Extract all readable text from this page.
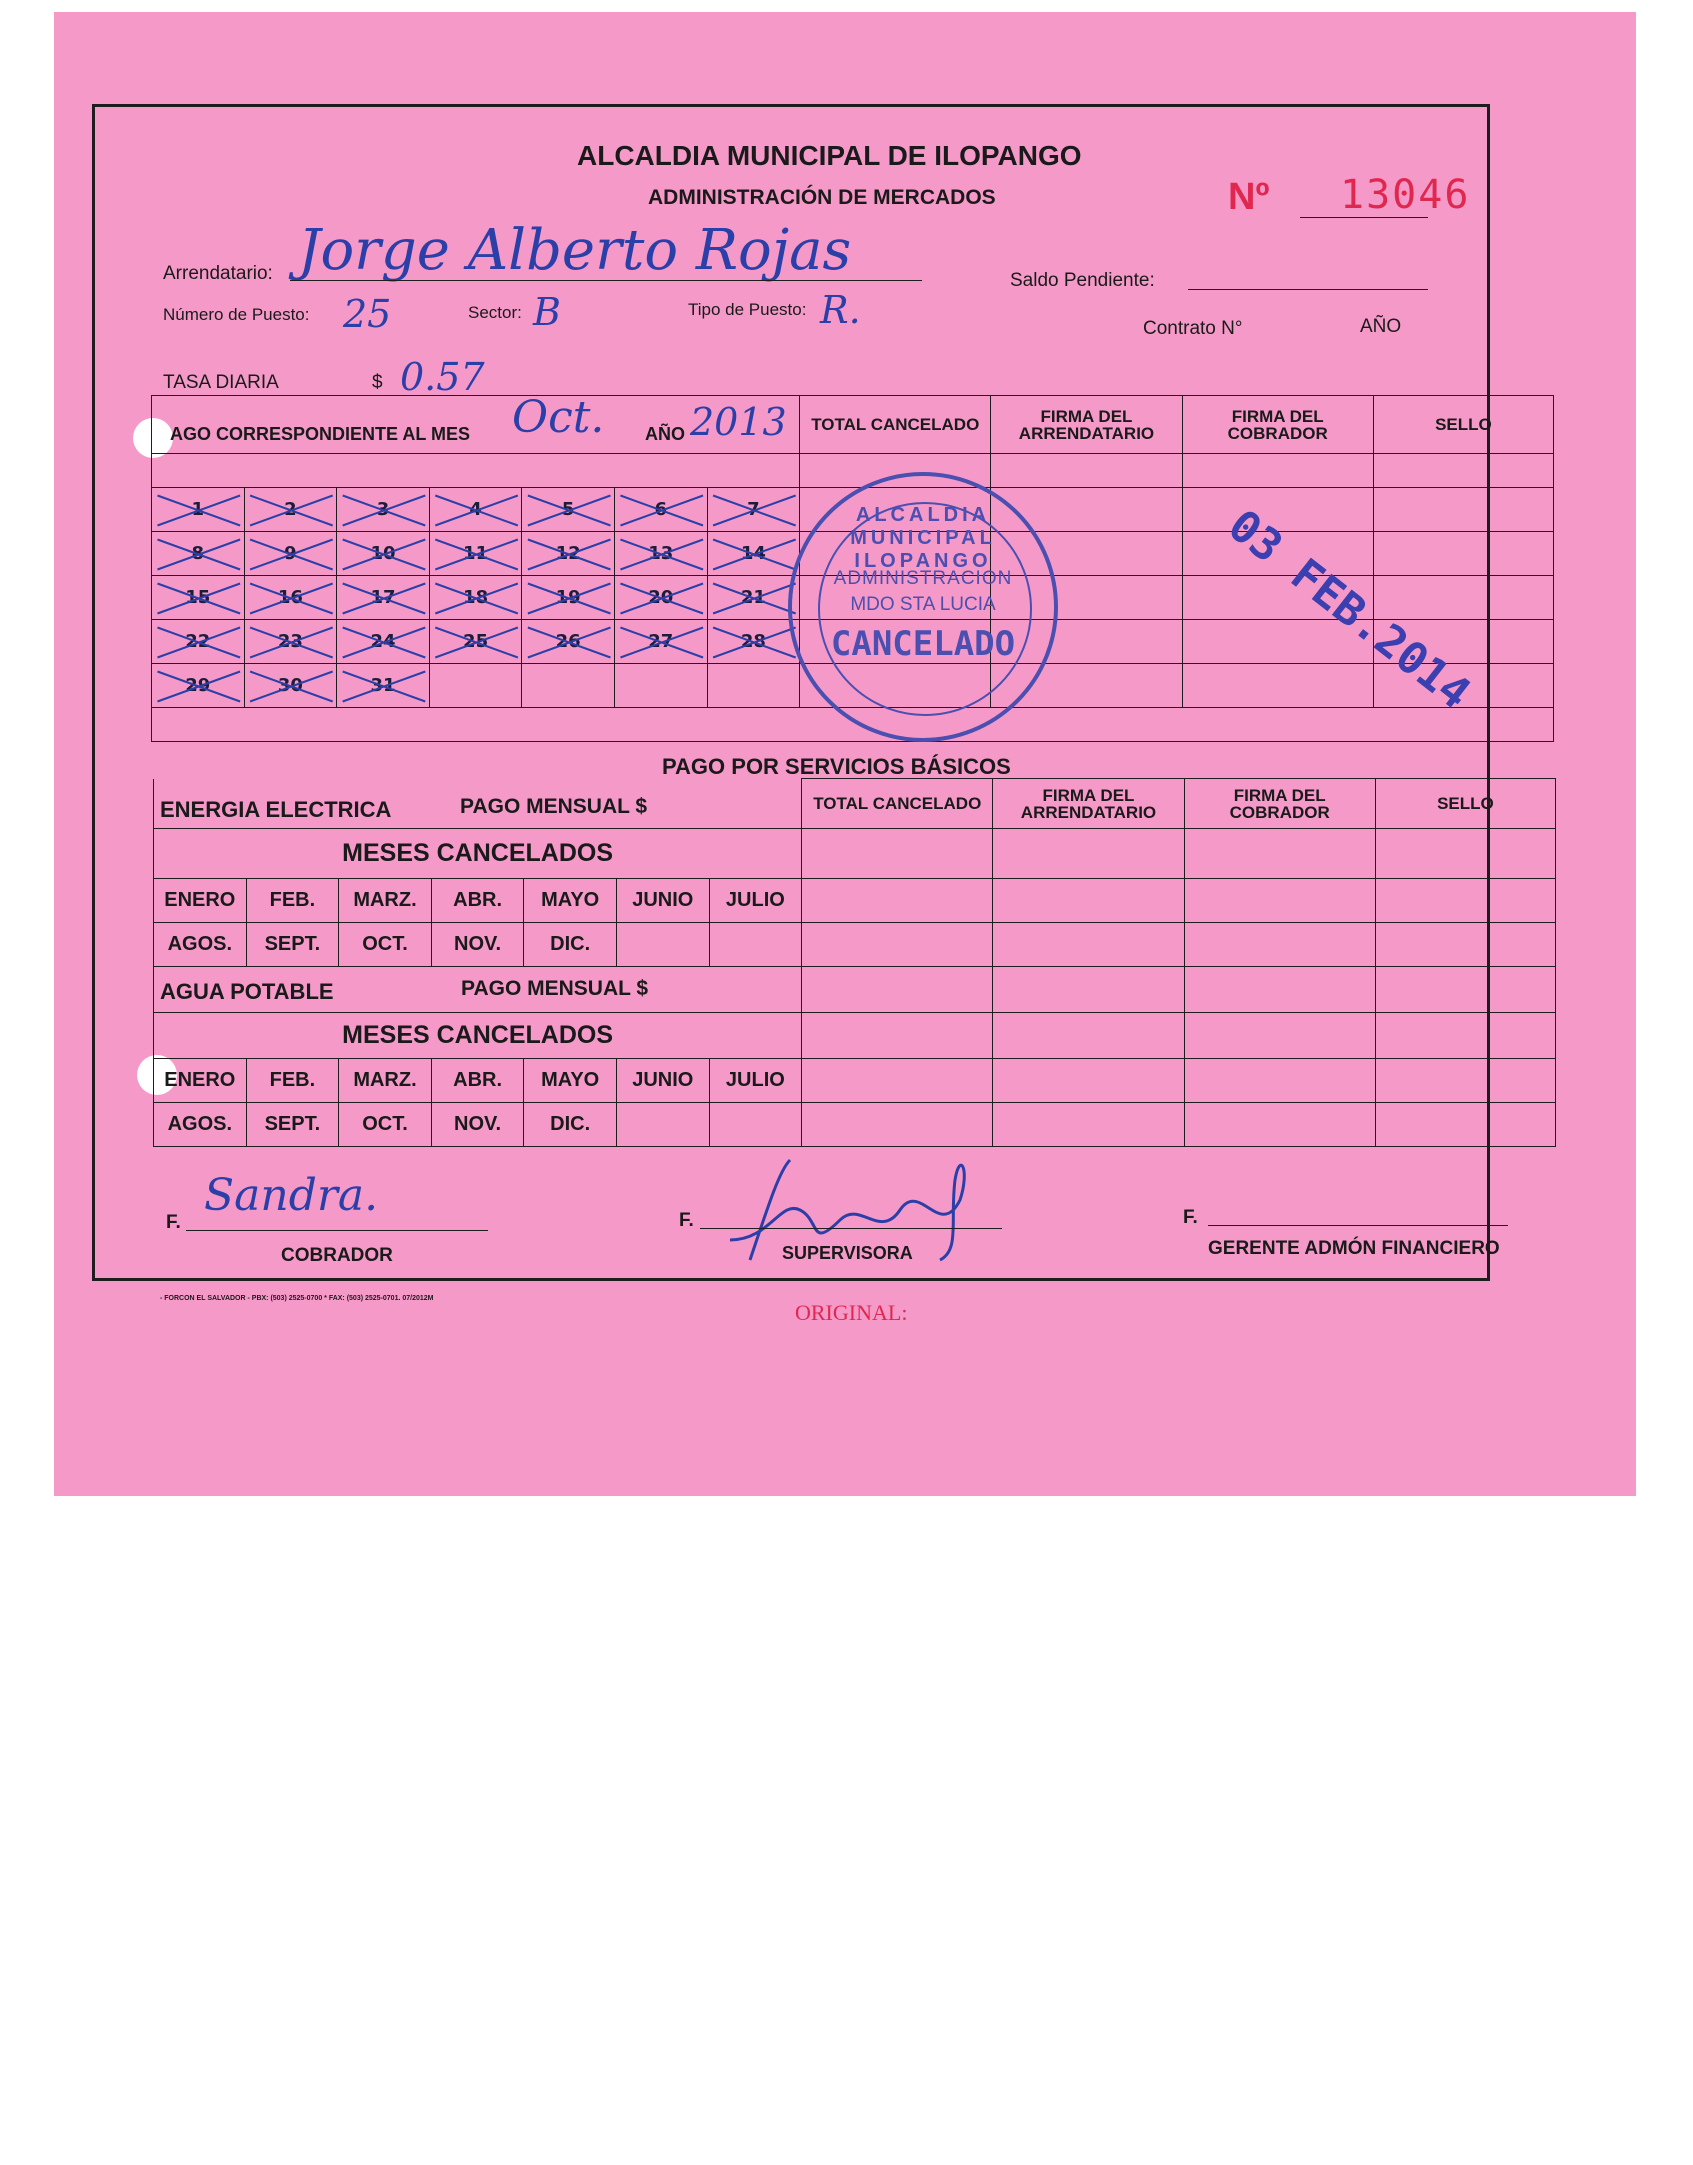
ALCALDIA MUNICIPAL DE ILOPANGO
ADMINISTRACIÓN DE MERCADOS	Nº 13046
Arrendatario: Jorge Alberto Rojas	Saldo Pendiente:
Número de Puesto: 25	Sector: B	Tipo de Puesto: R.	Contrato N°	AÑO
TASA DIARIA	$ 0.57
AGO CORRESPONDIENTE AL MES Oct. AÑO 2013							TOTAL CANCELADO	FIRMA DEL ARRENDATARIO	FIRMA DEL COBRADOR	SELLO

1	2	3	4	5	6	7				
8	9	10	11	12	13	14				
15	16	17	18	19	20	21				
22	23	24	25	26	27	28				
29	30	31								

ALCALDIA MUNICIPAL ILOPANGO
ADMINISTRACION
MDO STA LUCIA
CANCELADO	03 FEB.2014
PAGO POR SERVICIOS BÁSICOS
ENERGIA ELECTRICA PAGO MENSUAL $							TOTAL CANCELADO	FIRMA DEL ARRENDATARIO	FIRMA DEL COBRADOR	SELLO
MESES CANCELADOS										
ENERO	FEB.	MARZ.	ABR.	MAYO	JUNIO	JULIO				
AGOS.	SEPT.	OCT.	NOV.	DIC.						

AGUA POTABLE PAGO MENSUAL $										

MESES CANCELADOS										
ENERO	FEB.	MARZ.	ABR.	MAYO	JUNIO	JULIO				
AGOS.	SEPT.	OCT.	NOV.	DIC.						
F.
Sandra.
COBRADOR
F.
SUPERVISORA
F.
GERENTE ADMÓN FINANCIERO
- FORCON EL SALVADOR - PBX: (503) 2525-0700 * FAX: (503) 2525-0701. 07/2012M
ORIGINAL:
